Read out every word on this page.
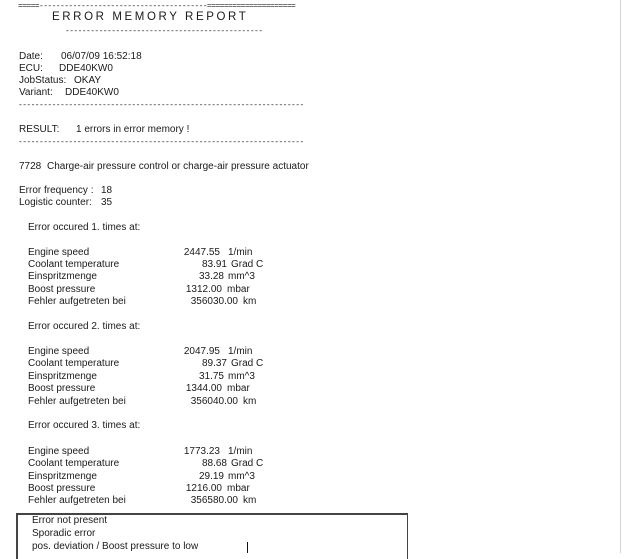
=====----------------------------------------=====================
ERROR MEMORY REPORT
-----------------------------------------------
Date: 06/07/09 16:52:18
ECU: DDE40KW0
JobStatus: OKAY
Variant: DDE40KW0
--------------------------------------------------------------------
RESULT: 1 errors in error memory !
--------------------------------------------------------------------
7728 Charge-air pressure control or charge-air pressure actuator
Error frequency : 18
Logistic counter: 35
Error occured 1. times at:
Engine speed	2447.55 1/min
Coolant temperature	83.91 Grad C
Einspritzmenge	33.28 mm^3
Boost pressure	1312.00 mbar
Fehler aufgetreten bei	356030.00 km
Error occured 2. times at:
Engine speed	2047.95 1/min
Coolant temperature	89.37 Grad C
Einspritzmenge	31.75 mm^3
Boost pressure	1344.00 mbar
Fehler aufgetreten bei	356040.00 km
Error occured 3. times at:
Engine speed	1773.23 1/min
Coolant temperature	88.68 Grad C
Einspritzmenge	29.19 mm^3
Boost pressure	1216.00 mbar
Fehler aufgetreten bei	356580.00 km
Error not present
Sporadic error
pos. deviation / Boost pressure to low
